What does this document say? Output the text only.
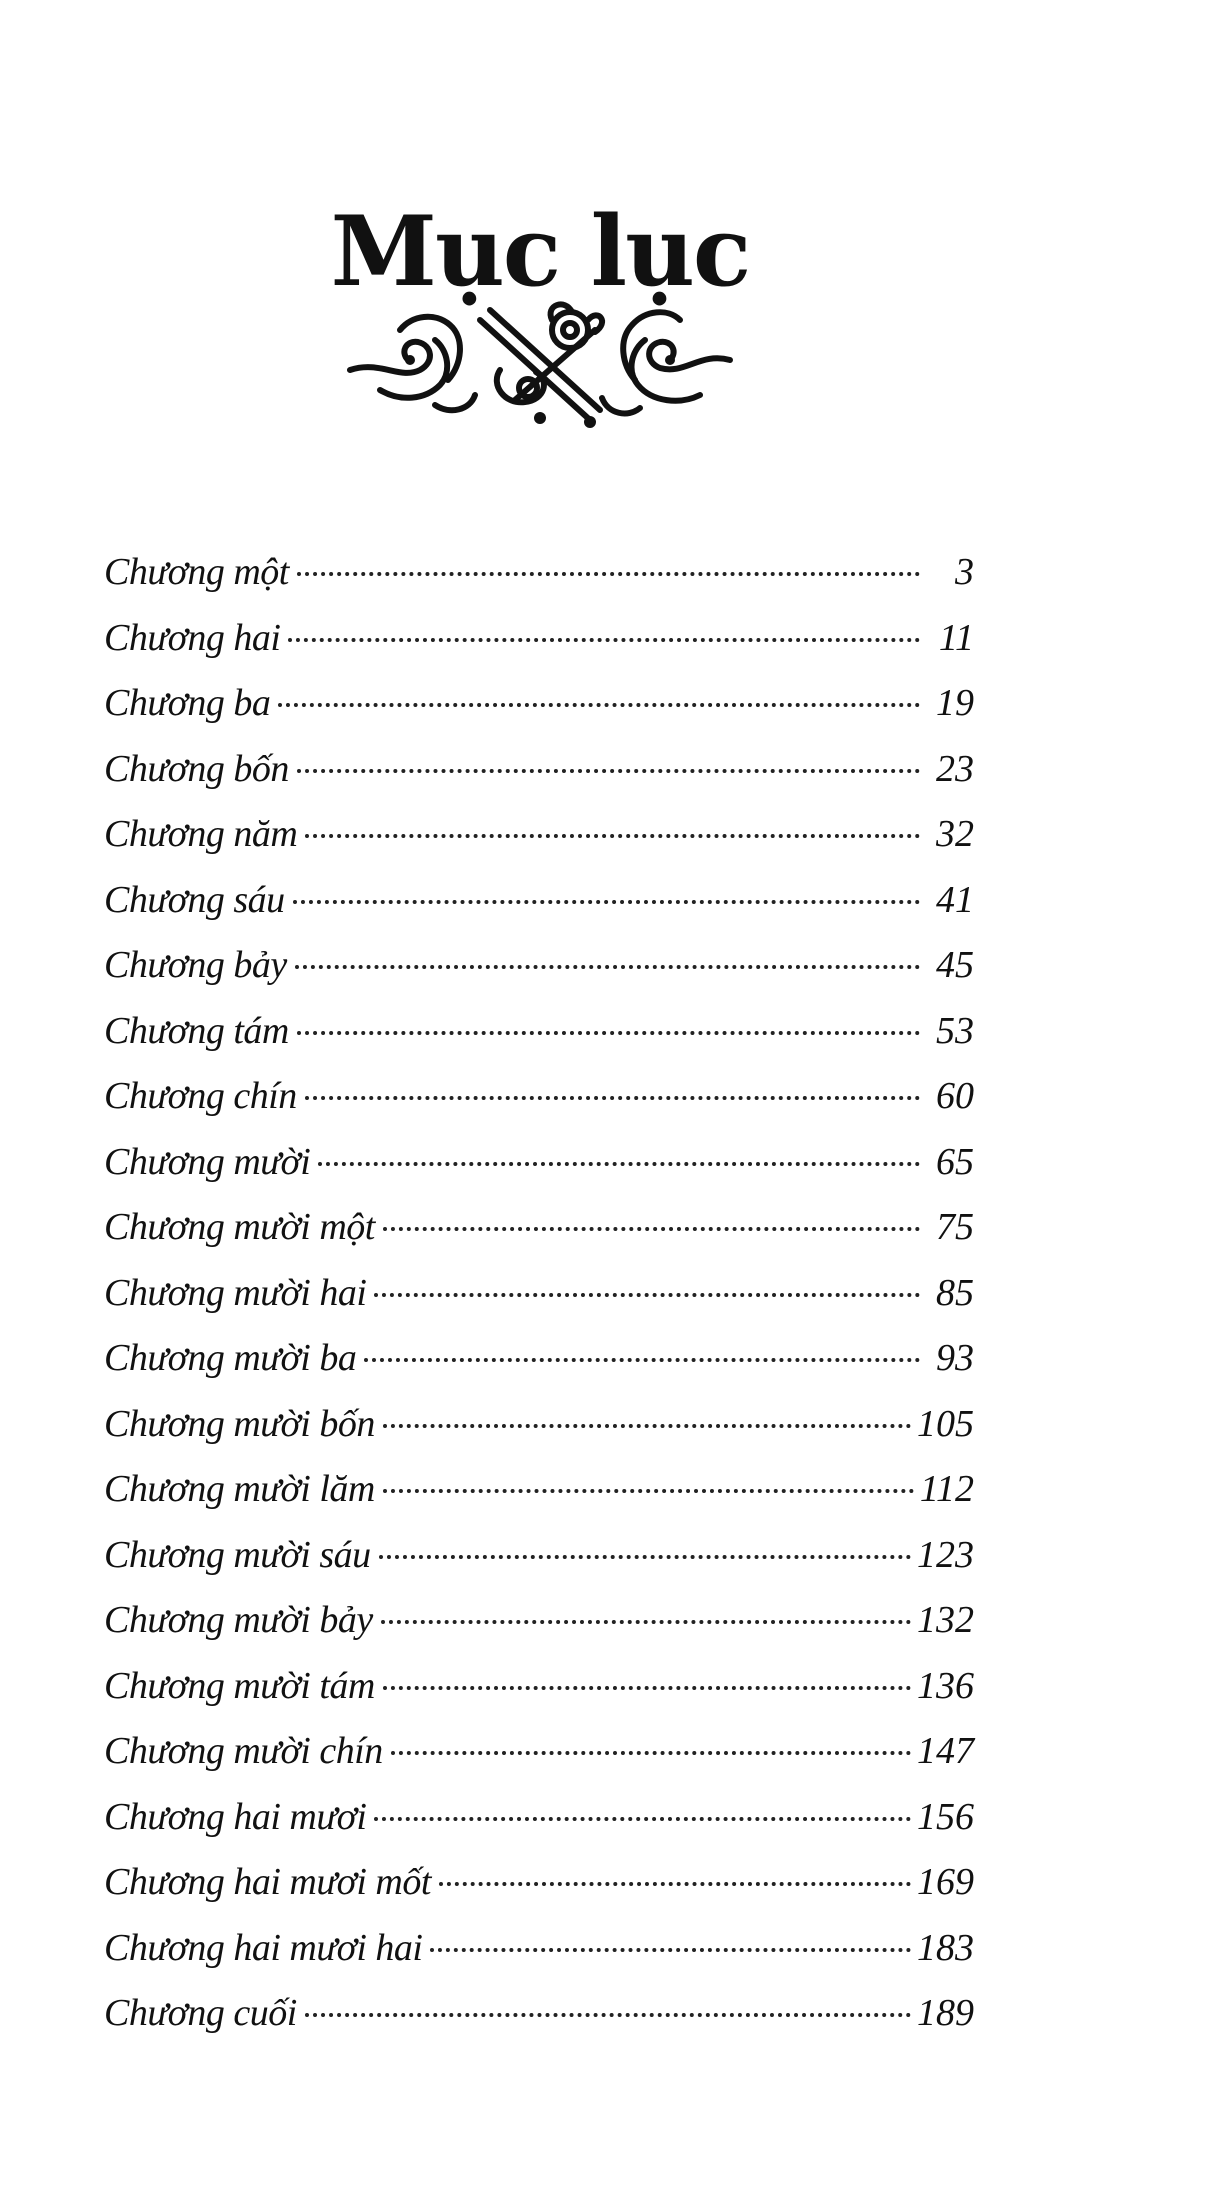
Mục lục
Chương một	3
Chương hai	11
Chương ba	19
Chương bốn	23
Chương năm	32
Chương sáu	41
Chương bảy	45
Chương tám	53
Chương chín	60
Chương mười	65
Chương mười một	75
Chương mười hai	85
Chương mười ba	93
Chương mười bốn	105
Chương mười lăm	112
Chương mười sáu	123
Chương mười bảy	132
Chương mười tám	136
Chương mười chín	147
Chương hai mươi	156
Chương hai mươi mốt	169
Chương hai mươi hai	183
Chương cuối	189
